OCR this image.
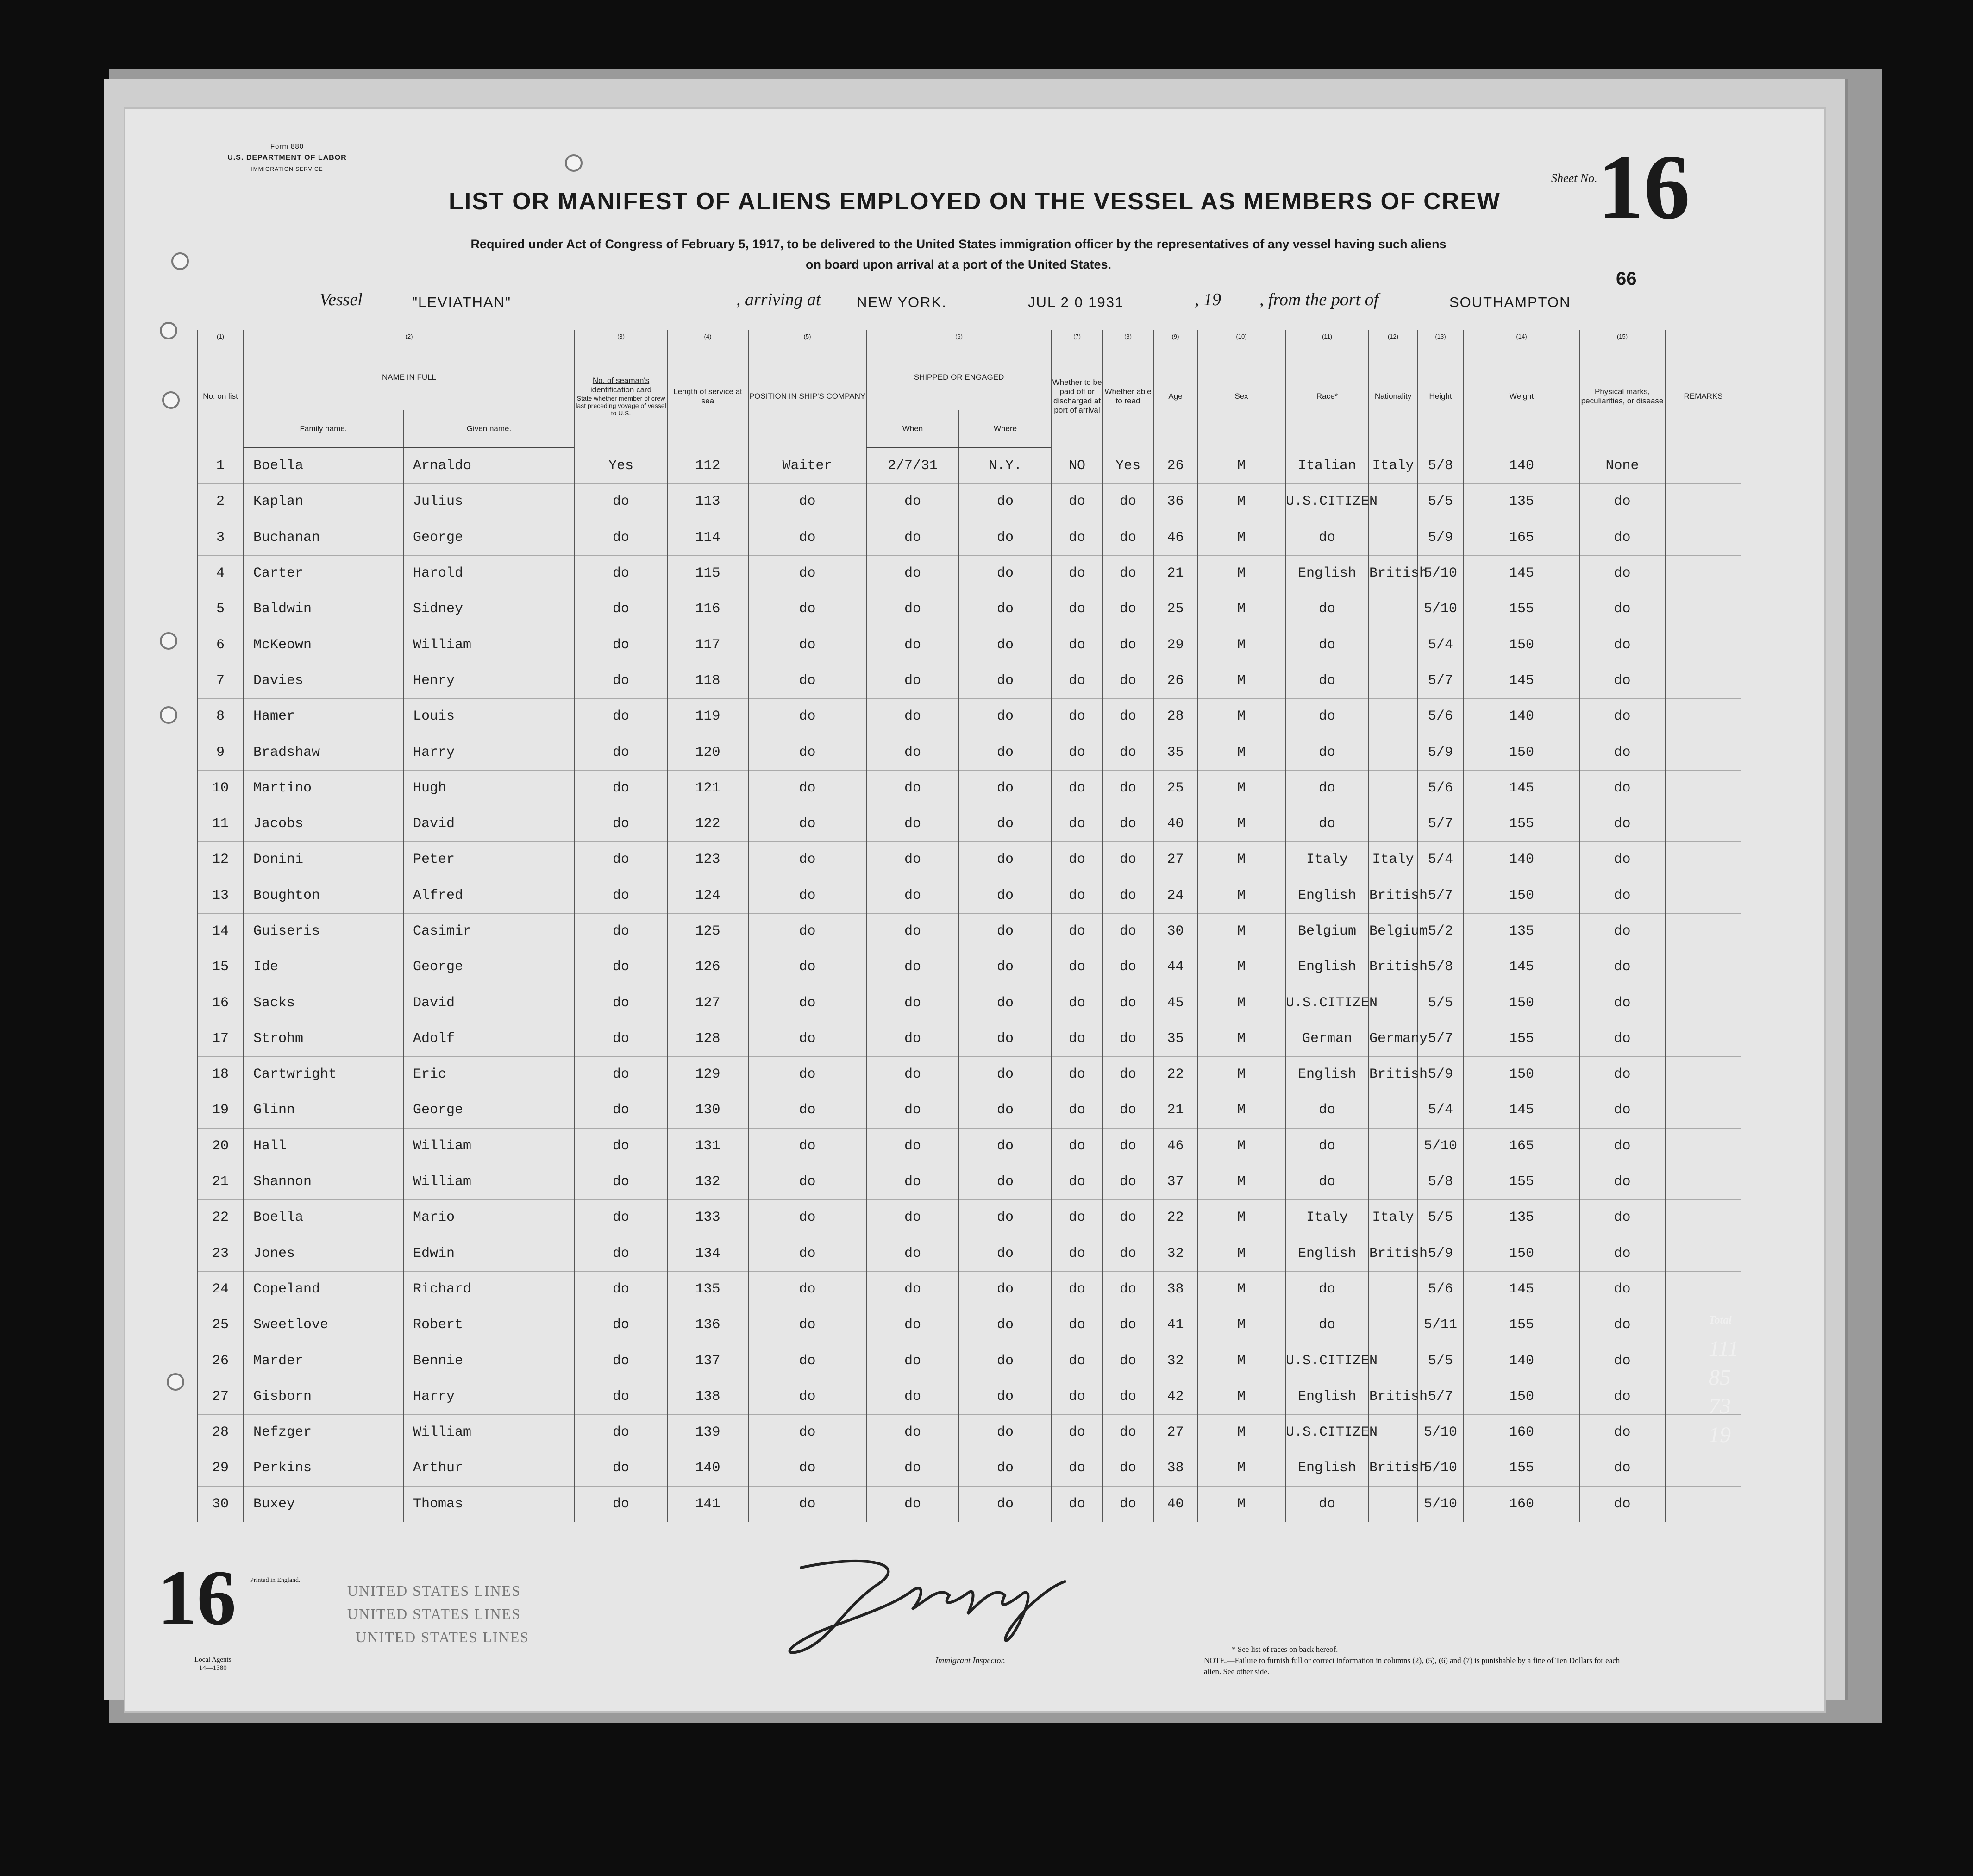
Form 880
U.S. DEPARTMENT OF LABOR
IMMIGRATION SERVICE
Sheet No. 16
66
LIST OR MANIFEST OF ALIENS EMPLOYED ON THE VESSEL AS MEMBERS OF CREW
Required under Act of Congress of February 5, 1917, to be delivered to the United States immigration officer by the representatives of any vessel having such aliens
on board upon arrival at a port of the United States.
Vessel	"LEVIATHAN"	, arriving at NEW YORK.	JUL 2 0 1931	, 19 , from the port of	SOUTHAMPTON
(1)	(2)		(3)	(4)	(5)	(6)		(7)	(8)	(9)	(10)	(11)	(12)	(13)	(14)	(15)	
No. on list	NAME IN FULL		No. of seaman's identification card
State whether member of crew last preceding voyage of vessel to U.S.	Length of service at sea	POSITION IN SHIP'S COMPANY	SHIPPED OR ENGAGED		Whether to be paid off or discharged at port of arrival	Whether able to read	Age	Sex	Race*	Nationality	Height	Weight	Physical marks, peculiarities, or disease	REMARKS
	Family name.	Given name.				When	Where										
1	Boella	Arnaldo	Yes	112	Waiter	2/7/31	N.Y.	NO	Yes	26	M	Italian	Italy	5/8	140	None	
2	Kaplan	Julius	do	113	do	do	do	do	do	36	M	U.S.CITIZEN		5/5	135	do	
3	Buchanan	George	do	114	do	do	do	do	do	46	M	do		5/9	165	do	
4	Carter	Harold	do	115	do	do	do	do	do	21	M	English	British	5/10	145	do	
5	Baldwin	Sidney	do	116	do	do	do	do	do	25	M	do		5/10	155	do	
6	McKeown	William	do	117	do	do	do	do	do	29	M	do		5/4	150	do	
7	Davies	Henry	do	118	do	do	do	do	do	26	M	do		5/7	145	do	
8	Hamer	Louis	do	119	do	do	do	do	do	28	M	do		5/6	140	do	
9	Bradshaw	Harry	do	120	do	do	do	do	do	35	M	do		5/9	150	do	
10	Martino	Hugh	do	121	do	do	do	do	do	25	M	do		5/6	145	do	
11	Jacobs	David	do	122	do	do	do	do	do	40	M	do		5/7	155	do	
12	Donini	Peter	do	123	do	do	do	do	do	27	M	Italy	Italy	5/4	140	do	
13	Boughton	Alfred	do	124	do	do	do	do	do	24	M	English	British	5/7	150	do	
14	Guiseris	Casimir	do	125	do	do	do	do	do	30	M	Belgium	Belgium	5/2	135	do	
15	Ide	George	do	126	do	do	do	do	do	44	M	English	British	5/8	145	do	
16	Sacks	David	do	127	do	do	do	do	do	45	M	U.S.CITIZEN		5/5	150	do	
17	Strohm	Adolf	do	128	do	do	do	do	do	35	M	German	Germany	5/7	155	do	
18	Cartwright	Eric	do	129	do	do	do	do	do	22	M	English	British	5/9	150	do	
19	Glinn	George	do	130	do	do	do	do	do	21	M	do		5/4	145	do	
20	Hall	William	do	131	do	do	do	do	do	46	M	do		5/10	165	do	
21	Shannon	William	do	132	do	do	do	do	do	37	M	do		5/8	155	do	
22	Boella	Mario	do	133	do	do	do	do	do	22	M	Italy	Italy	5/5	135	do	
23	Jones	Edwin	do	134	do	do	do	do	do	32	M	English	British	5/9	150	do	
24	Copeland	Richard	do	135	do	do	do	do	do	38	M	do		5/6	145	do	
25	Sweetlove	Robert	do	136	do	do	do	do	do	41	M	do		5/11	155	do	
26	Marder	Bennie	do	137	do	do	do	do	do	32	M	U.S.CITIZEN		5/5	140	do	
27	Gisborn	Harry	do	138	do	do	do	do	do	42	M	English	British	5/7	150	do	
28	Nefzger	William	do	139	do	do	do	do	do	27	M	U.S.CITIZEN		5/10	160	do	
29	Perkins	Arthur	do	140	do	do	do	do	do	38	M	English	British	5/10	155	do	
30	Buxey	Thomas	do	141	do	do	do	do	do	40	M	do		5/10	160	do	
16 Printed in England.
Local Agents
14—1380
UNITED STATES LINES
UNITED STATES LINES
UNITED STATES LINES
Immigrant Inspector.
* See list of races on back hereof.
NOTE.—Failure to furnish full or correct information in columns (2), (5), (6) and (7) is punishable by a fine of Ten Dollars for each alien. See other side.
Total
111
85
73
19
